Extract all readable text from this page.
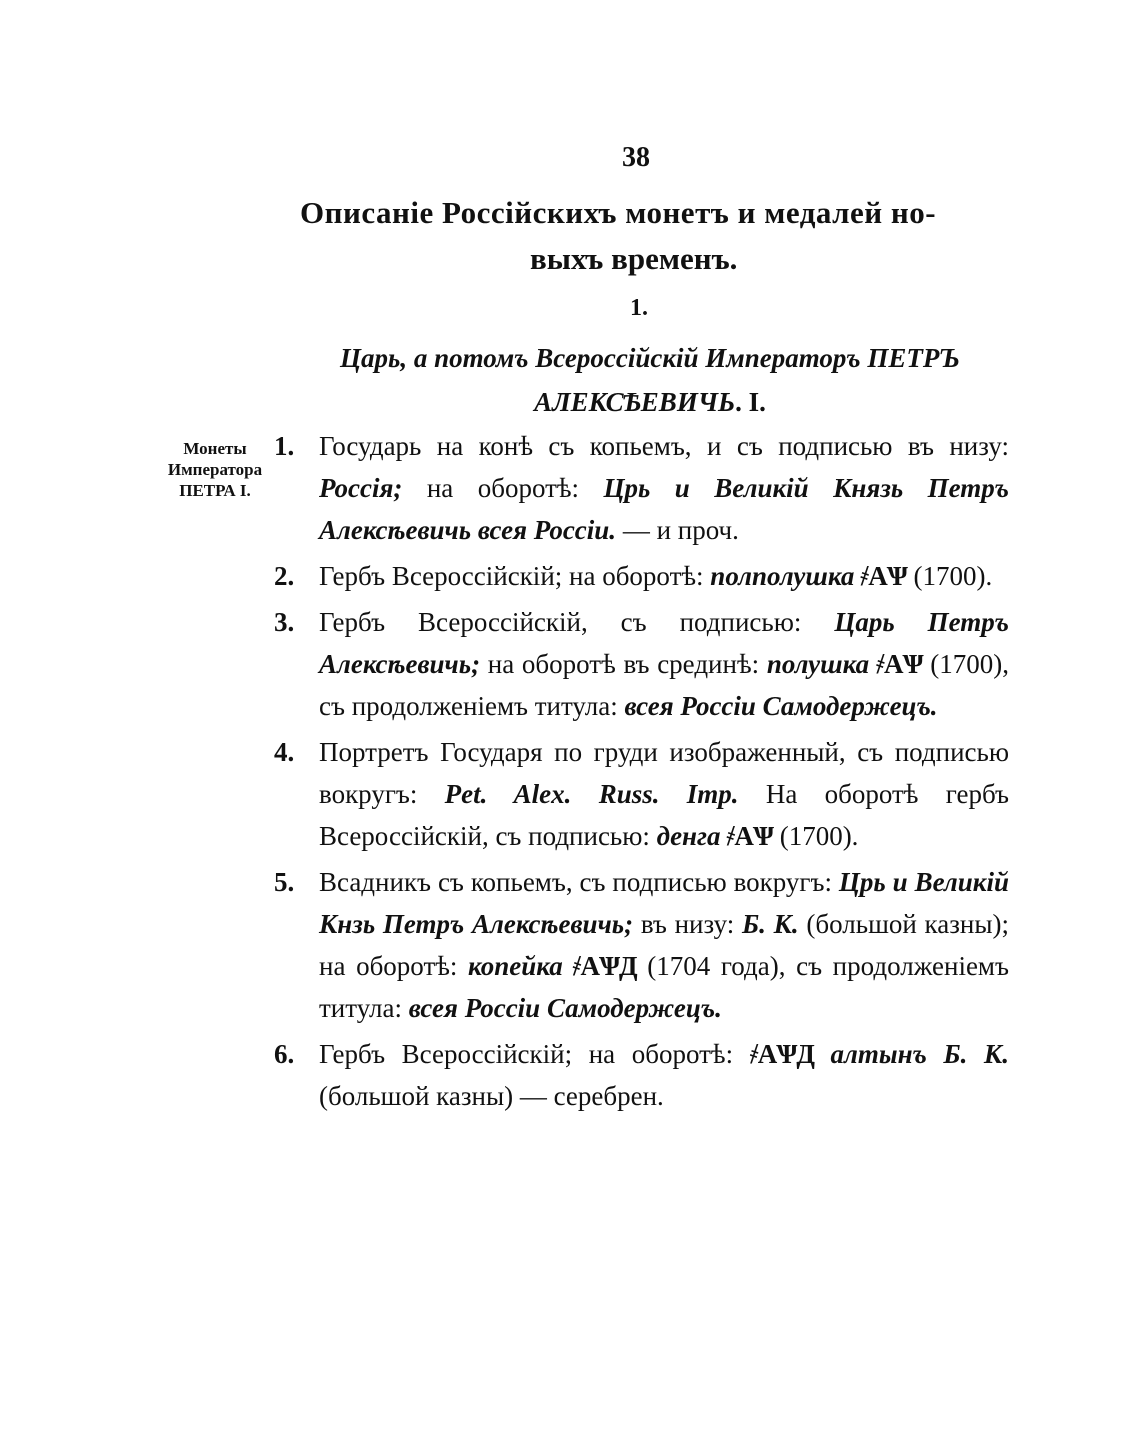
38
Описаніе Россійскихъ монетъ и медалей но-
выхъ временъ.
1.
Царь, а потомъ Всероссійскій Императоръ ПЕТРЪ АЛЕКСѢЕВИЧЬ. I.
Монеты Императора ПЕТРА I.
1. Государь на конѣ съ копьемъ, и съ подписью въ низу: Россія; на оборотѣ: Црь и Великій Князь Петръ Алексѣевичь всея Россіи. — и проч.
2. Гербъ Всероссійскій; на оборотѣ: полполушка ҂АѰ (1700).
3. Гербъ Всероссійскій, съ подписью: Царь Петръ Алексѣевичь; на оборотѣ въ срединѣ: полушка ҂АѰ (1700), съ продолженіемъ титула: всея Россіи Самодержецъ.
4. Портретъ Государя по груди изображенный, съ подписью вокругъ: Pet. Alex. Russ. Imp. На оборотѣ гербъ Всероссійскій, съ подписью: денга ҂АѰ (1700).
5. Всадникъ съ копьемъ, съ подписью вокругъ: Црь и Великій Кнзь Петръ Алексѣевичь; въ низу: Б. К. (большой казны); на оборотѣ: копейка ҂АѰД (1704 года), съ продолженіемъ титула: всея Россіи Самодержецъ.
6. Гербъ Всероссійскій; на оборотѣ: ҂АѰД алтынъ Б. К. (большой казны) — серебрен.
